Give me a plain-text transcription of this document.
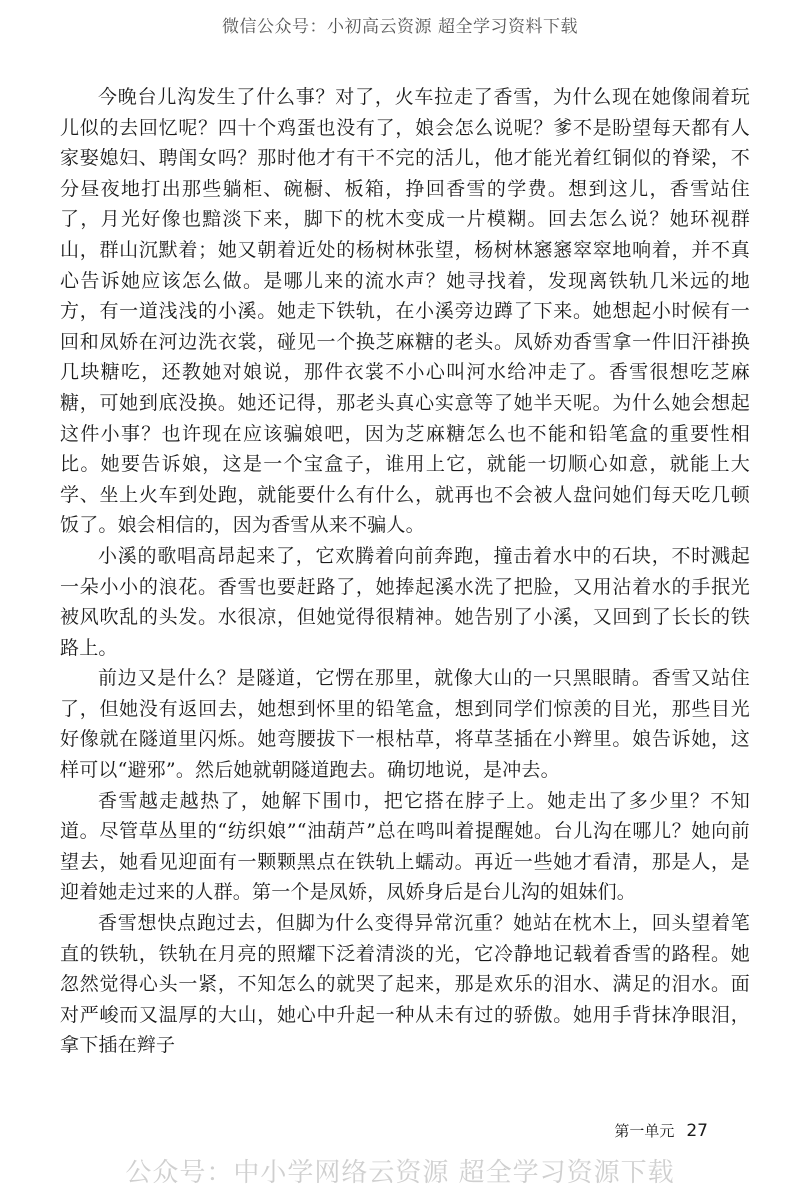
微信公众号：小初高云资源 超全学习资料下载

今晚台儿沟发生了什么事？对了，火车拉走了香雪，为什么现在她像闹着玩儿似的去回忆呢？四十个鸡蛋也没有了，娘会怎么说呢？爹不是盼望每天都有人家娶媳妇、聘闺女吗？那时他才有干不完的活儿，他才能光着红铜似的脊梁，不分昼夜地打出那些躺柜、碗橱、板箱，挣回香雪的学费。想到这儿，香雪站住了，月光好像也黯淡下来，脚下的枕木变成一片模糊。回去怎么说？她环视群山，群山沉默着；她又朝着近处的杨树林张望，杨树林窸窸窣窣地响着，并不真心告诉她应该怎么做。是哪儿来的流水声？她寻找着，发现离铁轨几米远的地方，有一道浅浅的小溪。她走下铁轨，在小溪旁边蹲了下来。她想起小时候有一回和凤娇在河边洗衣裳，碰见一个换芝麻糖的老头。凤娇劝香雪拿一件旧汗褂换几块糖吃，还教她对娘说，那件衣裳不小心叫河水给冲走了。香雪很想吃芝麻糖，可她到底没换。她还记得，那老头真心实意等了她半天呢。为什么她会想起这件小事？也许现在应该骗娘吧，因为芝麻糖怎么也不能和铅笔盒的重要性相比。她要告诉娘，这是一个宝盒子，谁用上它，就能一切顺心如意，就能上大学、坐上火车到处跑，就能要什么有什么，就再也不会被人盘问她们每天吃几顿饭了。娘会相信的，因为香雪从来不骗人。

小溪的歌唱高昂起来了，它欢腾着向前奔跑，撞击着水中的石块，不时溅起一朵小小的浪花。香雪也要赶路了，她捧起溪水洗了把脸，又用沾着水的手抿光被风吹乱的头发。水很凉，但她觉得很精神。她告别了小溪，又回到了长长的铁路上。

前边又是什么？是隧道，它愣在那里，就像大山的一只黑眼睛。香雪又站住了，但她没有返回去，她想到怀里的铅笔盒，想到同学们惊羡的目光，那些目光好像就在隧道里闪烁。她弯腰拔下一根枯草，将草茎插在小辫里。娘告诉她，这样可以“避邪”。然后她就朝隧道跑去。确切地说，是冲去。

香雪越走越热了，她解下围巾，把它搭在脖子上。她走出了多少里？不知道。尽管草丛里的“纺织娘”“油葫芦”总在鸣叫着提醒她。台儿沟在哪儿？她向前望去，她看见迎面有一颗颗黑点在铁轨上蠕动。再近一些她才看清，那是人，是迎着她走过来的人群。第一个是凤娇，凤娇身后是台儿沟的姐妹们。

香雪想快点跑过去，但脚为什么变得异常沉重？她站在枕木上，回头望着笔直的铁轨，铁轨在月亮的照耀下泛着清淡的光，它冷静地记载着香雪的路程。她忽然觉得心头一紧，不知怎么的就哭了起来，那是欢乐的泪水、满足的泪水。面对严峻而又温厚的大山，她心中升起一种从未有过的骄傲。她用手背抹净眼泪，拿下插在辫子

第一单元 27
公众号：中小学网络云资源 超全学习资源下载
